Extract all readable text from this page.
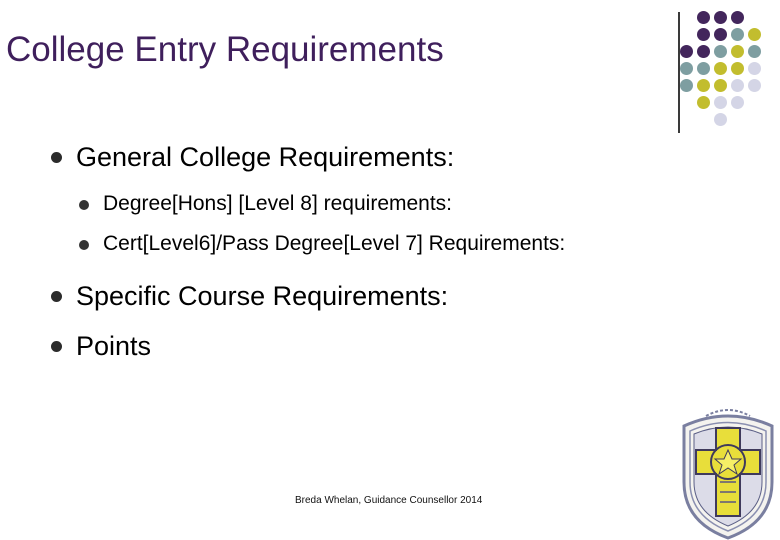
College Entry Requirements
General College Requirements:
Degree[Hons] [Level 8] requirements:
Cert[Level6]/Pass Degree[Level 7] Requirements:
Specific Course Requirements:
Points
Breda Whelan, Guidance Counsellor 2014
